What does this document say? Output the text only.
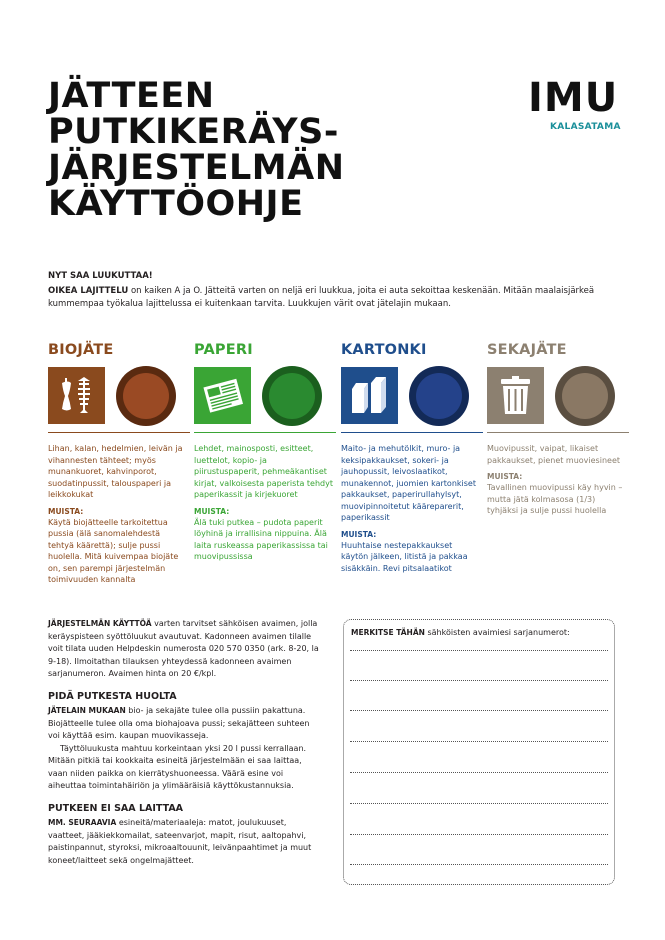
JÄTTEEN
PUTKIKERÄYS-
JÄRJESTELMÄN
KÄYTTÖOHJE
IMU
KALASATAMA
NYT SAA LUUKUTTAA!
OIKEA LAJITTELU on kaiken A ja O. Jätteitä varten on neljä eri luukkua, joita ei auta sekoittaa keskenään. Mitään maalaisjärkeä kummempaa työkalua lajittelussa ei kuitenkaan tarvita. Luukkujen värit ovat jätelajin mukaan.
BIOJÄTE
Lihan, kalan, hedelmien, leivän ja vihannesten tähteet; myös munankuoret, kahvinporot, suodatinpussit, talouspaperi ja leikkokukat
MUISTA:
Käytä biojätteelle tarkoitettua pussia (älä sanomalehdestä tehtyä käärettä); sulje pussi huolella. Mitä kuivempaa biojäte on, sen parempi järjestelmän toimivuuden kannalta
PAPERI
Lehdet, mainosposti, esitteet, luettelot, kopio- ja piirustuspaperit, pehmeäkantiset kirjat, valkoisesta paperista tehdyt paperikassit ja kirjekuoret
MUISTA:
Älä tuki putkea – pudota paperit löyhinä ja irrallisina nippuina. Älä laita ruskeassa paperikassissa tai muovipussissa
KARTONKI
Maito- ja mehutölkit, muro- ja keksipakkaukset, sokeri- ja jauhopussit, leivoslaatikot, munakennot, juomien kartonkiset pakkaukset, paperirullahylsyt, muovipinnoitetut kääreparerit, paperikassit
MUISTA:
Huuhtaise nestepakkaukset käytön jälkeen, litistä ja pakkaa sisäkkäin. Revi pitsalaatikot
SEKAJÄTE
Muovipussit, vaipat, likaiset pakkaukset, pienet muoviesineet
MUISTA:
Tavallinen muovipussi käy hyvin – mutta jätä kolmasosa (1/3) tyhjäksi ja sulje pussi huolella
JÄRJESTELMÄN KÄYTTÖÄ varten tarvitset sähköisen avaimen, jolla keräyspisteen syöttöluukut avautuvat. Kadonneen avaimen tilalle voit tilata uuden Helpdeskin numerosta 020 570 0350 (ark. 8-20, la 9-18). Ilmoitathan tilauksen yhteydessä kadonneen avaimen sarjanumeron. Avaimen hinta on 20 €/kpl.
PIDÄ PUTKESTA HUOLTA
JÄTELAIN MUKAAN bio- ja sekajäte tulee olla pussiin pakattuna. Biojätteelle tulee olla oma biohajoava pussi; sekajätteen suhteen voi käyttää esim. kaupan muovikasseja.
Täyttöluukusta mahtuu korkeintaan yksi 20 l pussi kerrallaan. Mitään pitkiä tai kookkaita esineitä järjestelmään ei saa laittaa, vaan niiden paikka on kierrätyshuoneessa. Väärä esine voi aiheuttaa toimintahäiriön ja ylimääräisiä käyttökustannuksia.
PUTKEEN EI SAA LAITTAA
MM. SEURAAVIA esineitä/materiaaleja: matot, joulukuuset, vaatteet, jääkiekkomailat, sateenvarjot, mapit, risut, aaltopahvi, paistinpannut, styroksi, mikroaaltouunit, leivänpaahtimet ja muut koneet/laitteet sekä ongelmajätteet.
MERKITSE TÄHÄN sähköisten avaimiesi sarjanumerot:
